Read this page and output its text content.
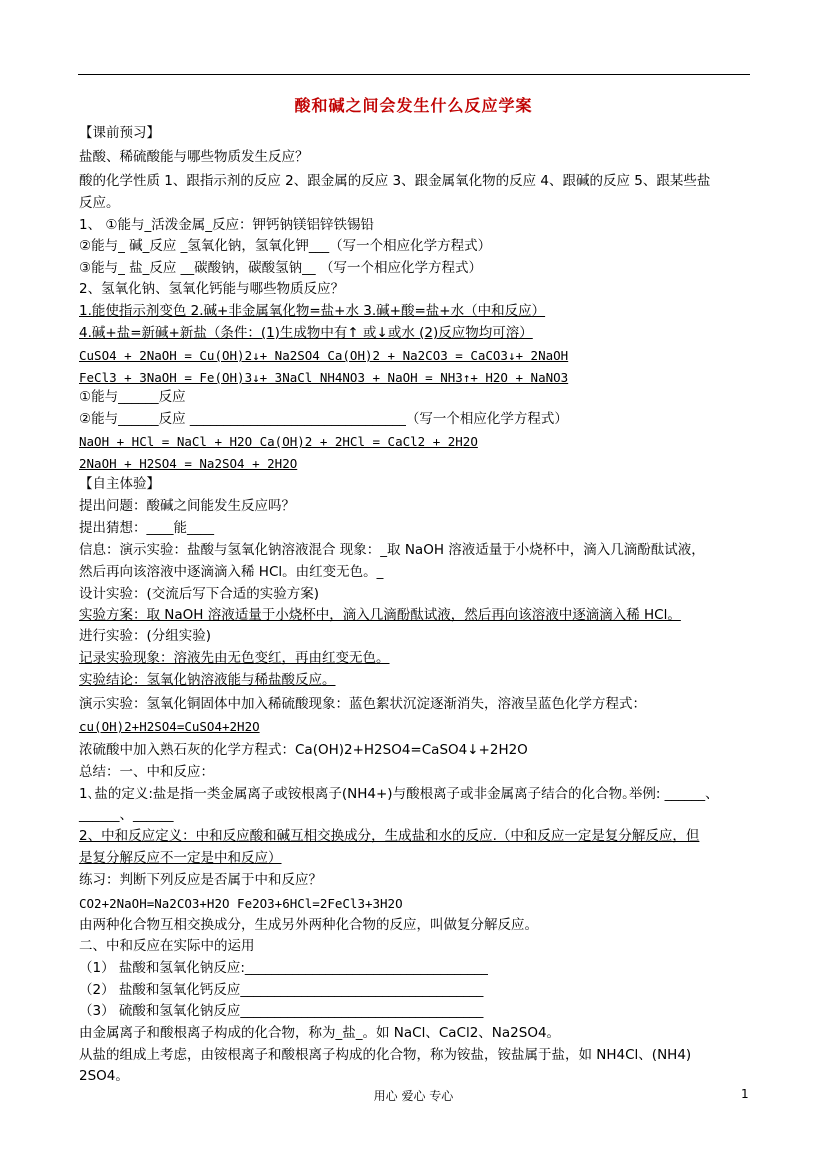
酸和碱之间会发生什么反应学案
【课前预习】
盐酸、稀硫酸能与哪些物质发生反应？
酸的化学性质 1、跟指示剂的反应 2、跟金属的反应 3、跟金属氧化物的反应 4、跟碱的反应 5、跟某些盐
反应。
1、 ①能与_活泼金属_反应：钾钙钠镁铝锌铁锡铅
②能与_ 碱_反应 _氢氧化钠，氢氧化钾___（写一个相应化学方程式）
③能与_ 盐_反应 __碳酸钠，碳酸氢钠__ （写一个相应化学方程式）
2、氢氧化钠、氢氧化钙能与哪些物质反应？
1.能使指示剂变色 2.碱+非金属氧化物=盐+水 3.碱+酸=盐+水（中和反应）
4.碱+盐=新碱+新盐（条件：(1)生成物中有↑ 或↓或水 (2)反应物均可溶）
CuSO4 + 2NaOH = Cu(OH)2↓+ Na2SO4 Ca(OH)2 + Na2CO3 = CaCO3↓+ 2NaOH
FeCl3 + 3NaOH = Fe(OH)3↓+ 3NaCl NH4NO3 + NaOH = NH3↑+ H2O + NaNO3
①能与______反应
②能与______反应 ________________________________（写一个相应化学方程式）
NaOH + HCl = NaCl + H2O Ca(OH)2 + 2HCl = CaCl2 + 2H2O
2NaOH + H2SO4 = Na2SO4 + 2H2O
【自主体验】
提出问题：酸碱之间能发生反应吗？
提出猜想：____能____
信息：演示实验：盐酸与氢氧化钠溶液混合 现象：_取 NaOH 溶液适量于小烧杯中，滴入几滴酚酞试液，
然后再向该溶液中逐滴滴入稀 HCl。由红变无色。_
设计实验：(交流后写下合适的实验方案)
实验方案：取 NaOH 溶液适量于小烧杯中，滴入几滴酚酞试液，然后再向该溶液中逐滴滴入稀 HCl。
进行实验：(分组实验)
记录实验现象：溶液先由无色变红，再由红变无色。
实验结论：氢氧化钠溶液能与稀盐酸反应。
演示实验：氢氧化铜固体中加入稀硫酸现象：蓝色絮状沉淀逐渐消失，溶液呈蓝色化学方程式：
cu(OH)2+H2SO4=CuSO4+2H2O
浓硫酸中加入熟石灰的化学方程式：Ca(OH)2+H2SO4=CaSO4↓+2H2O
总结：一、中和反应：
1､盐的定义:盐是指一类金属离子或铵根离子(NH4+)与酸根离子或非金属离子结合的化合物｡举例: ______、
______、______
2、中和反应定义：中和反应酸和碱互相交换成分，生成盐和水的反应.（中和反应一定是复分解反应，但
是复分解反应不一定是中和反应）
练习：判断下列反应是否属于中和反应？
CO2+2NaOH=Na2CO3+H2O Fe2O3+6HCl=2FeCl3+3H2O
由两种化合物互相交换成分，生成另外两种化合物的反应，叫做复分解反应。
二、中和反应在实际中的运用
（1） 盐酸和氢氧化钠反应:____________________________________
（2） 盐酸和氢氧化钙反应____________________________________
（3） 硫酸和氢氧化钠反应____________________________________
由金属离子和酸根离子构成的化合物，称为_盐_。如 NaCl、CaCl2、Na2SO4。
从盐的组成上考虑，由铵根离子和酸根离子构成的化合物，称为铵盐，铵盐属于盐，如 NH4Cl、(NH4)
2SO4。
用心 爱心 专心	1
